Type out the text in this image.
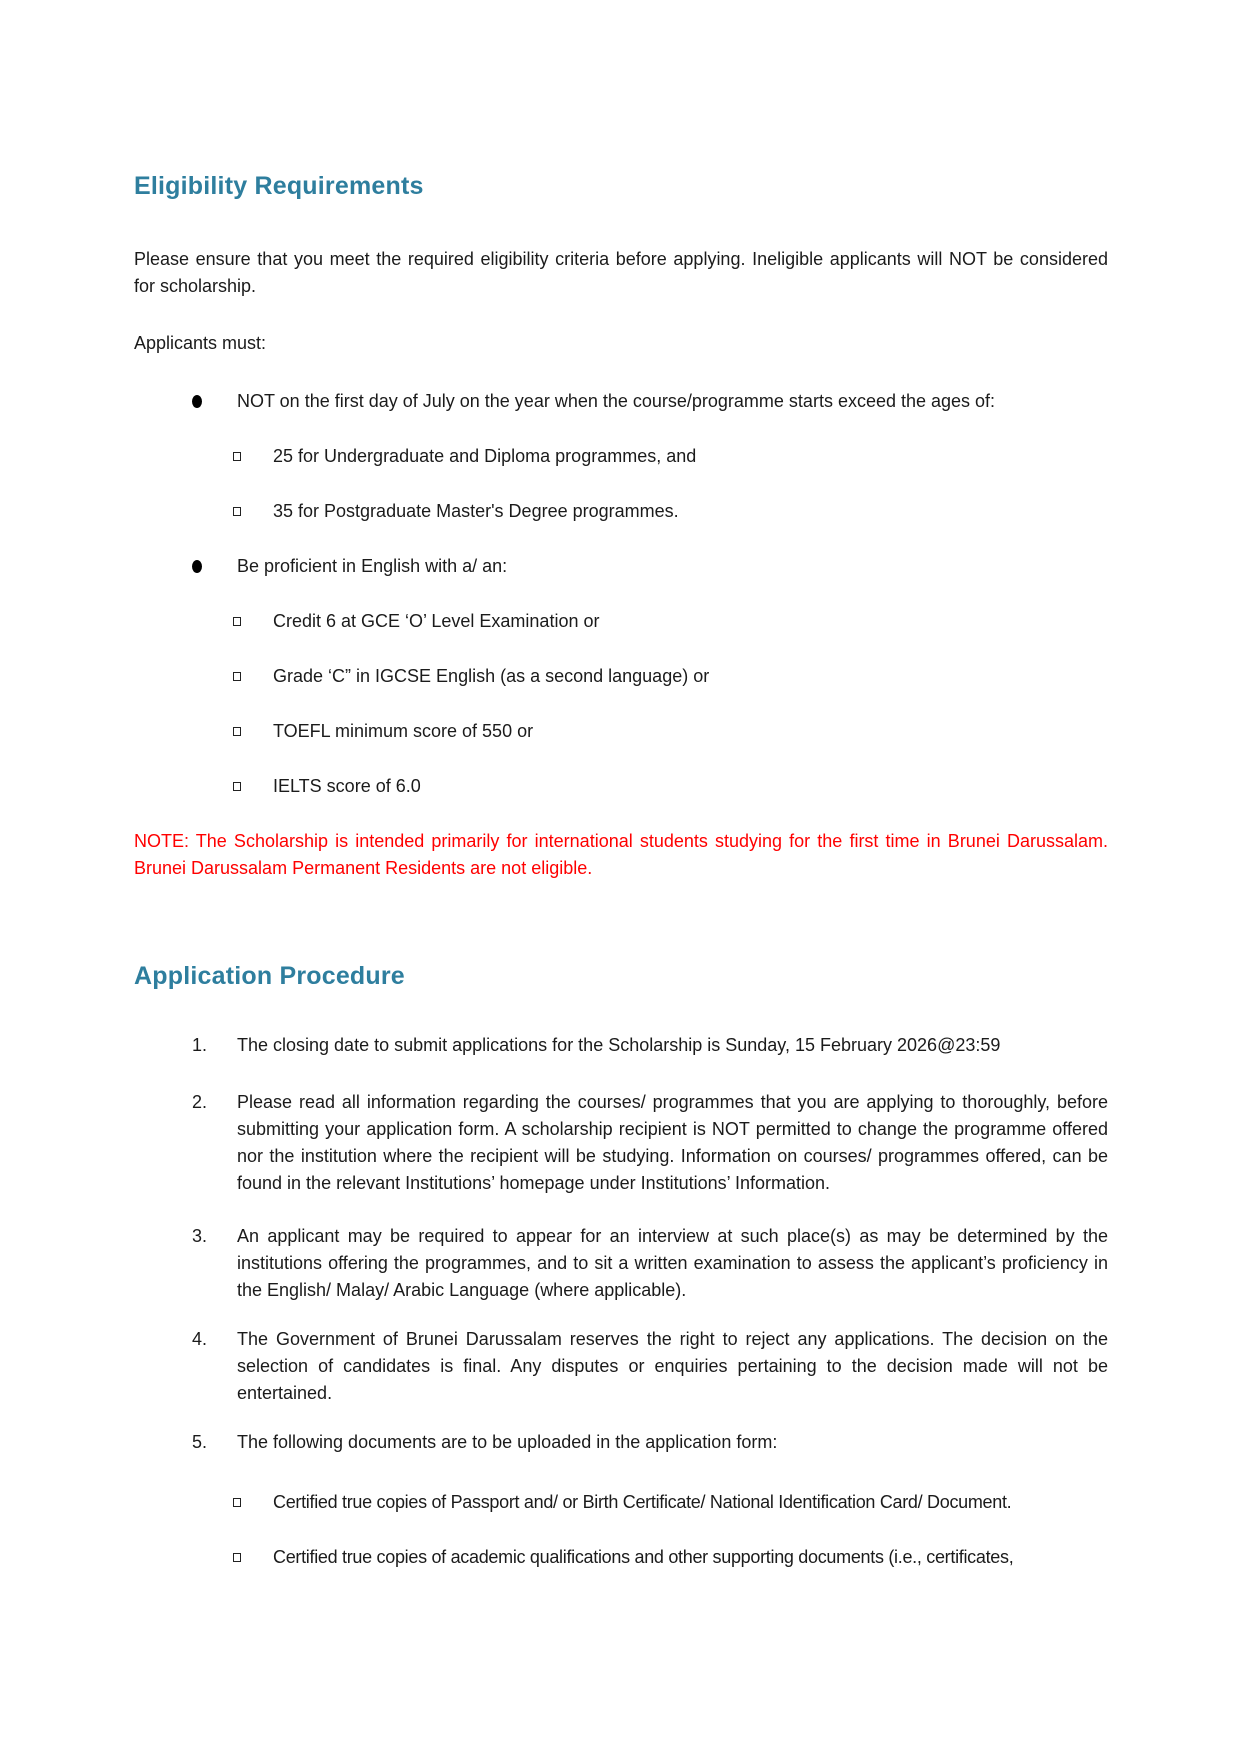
Eligibility Requirements

Please ensure that you meet the required eligibility criteria before applying. Ineligible applicants will NOT be considered for scholarship.

Applicants must:

NOT on the first day of July on the year when the course/programme starts exceed the ages of:
25 for Undergraduate and Diploma programmes, and
35 for Postgraduate Master's Degree programmes.
Be proficient in English with a/ an:
Credit 6 at GCE ‘O’ Level Examination or
Grade ‘C” in IGCSE English (as a second language) or
TOEFL minimum score of 550 or
IELTS score of 6.0

NOTE: The Scholarship is intended primarily for international students studying for the first time in Brunei Darussalam. Brunei Darussalam Permanent Residents are not eligible.

Application Procedure
1.	The closing date to submit applications for the Scholarship is Sunday, 15 February 2026@23:59
2.	Please read all information regarding the courses/ programmes that you are applying to thoroughly, before submitting your application form. A scholarship recipient is NOT permitted to change the programme offered nor the institution where the recipient will be studying. Information on courses/ programmes offered, can be found in the relevant Institutions’ homepage under Institutions’ Information.
3.	An applicant may be required to appear for an interview at such place(s) as may be determined by the institutions offering the programmes, and to sit a written examination to assess the applicant’s proficiency in the English/ Malay/ Arabic Language (where applicable).
4.	The Government of Brunei Darussalam reserves the right to reject any applications. The decision on the selection of candidates is final. Any disputes or enquiries pertaining to the decision made will not be entertained.
5.	The following documents are to be uploaded in the application form:
Certified true copies of Passport and/ or Birth Certificate/ National Identification Card/ Document.
Certified true copies of academic qualifications and other supporting documents (i.e., certificates,
